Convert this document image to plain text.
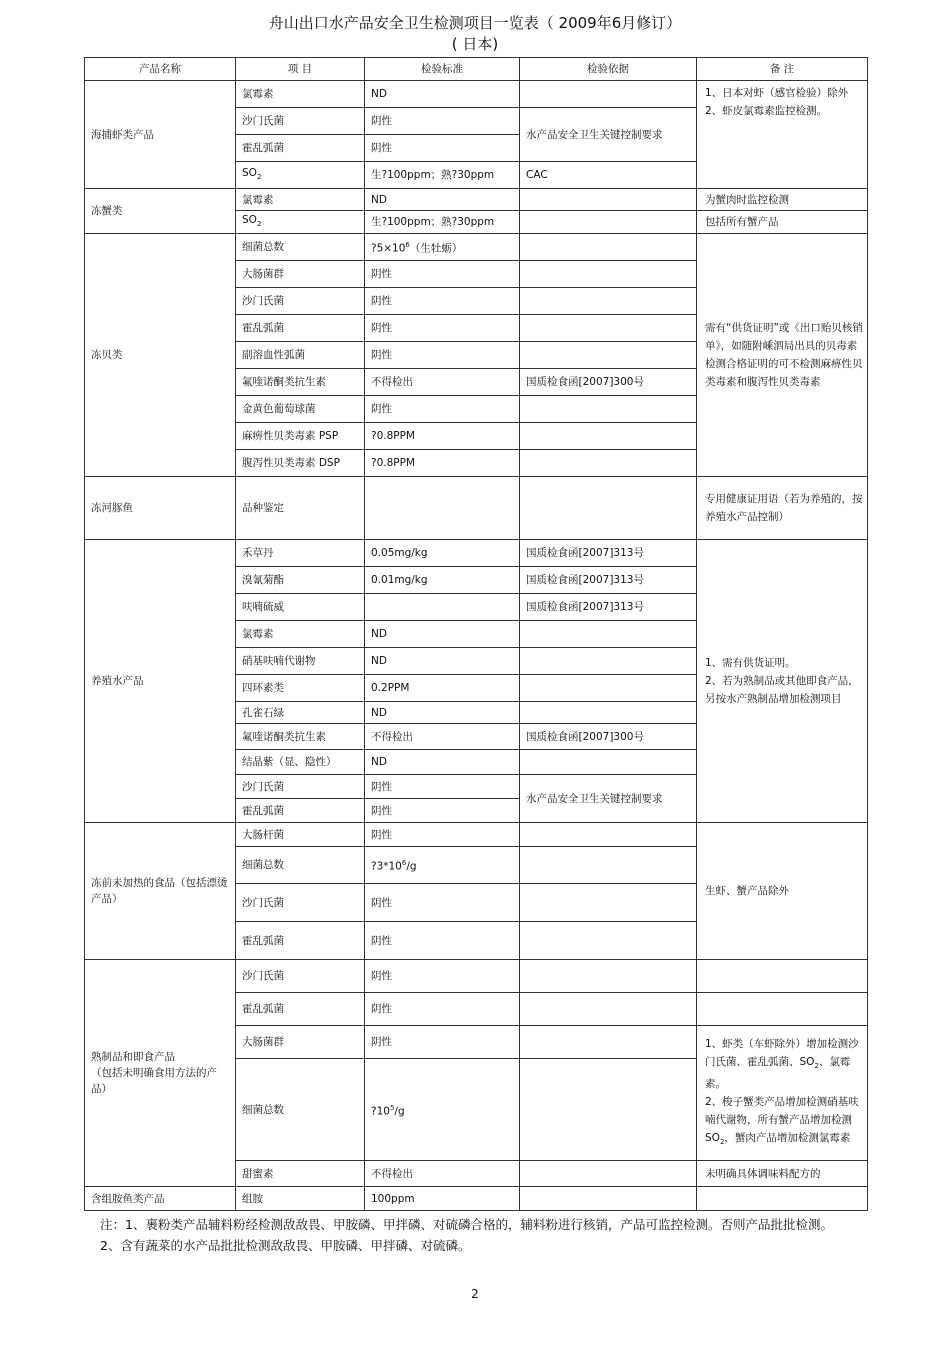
舟山出口水产品安全卫生检测项目一览表（ 2009年6月修订）
( 日本)
产品名称	项 目	检验标准	检验依据	备 注
海捕虾类产品	氯霉素	ND		1、日本对虾（感官检验）除外
2、虾皮氯霉素监控检测。

	沙门氏菌	阴性	水产品安全卫生关键控制要求	
	霍乱弧菌	阴性		
	$SO_2$	生?100ppm；熟?30ppm	CAC	
冻蟹类	氯霉素	ND		为蟹肉时监控检测
	$SO_2$	生?100ppm；熟?30ppm		包括所有蟹产品
冻贝类	细菌总数	$?5\times 10^6$（生牡蛎）		需有“供货证明”或《出口贻贝核销单》，如随附嵊泗局出具的贝毒素检测合格证明的可不检测麻痹性贝类毒素和腹泻性贝类毒素
	大肠菌群	阴性		
	沙门氏菌	阴性		
	霍乱弧菌	阴性		
	副溶血性弧菌	阴性		
	氟喹诺酮类抗生素	不得检出	国质检食函[2007]300号	
	金黄色葡萄球菌	阴性		
	麻痹性贝类毒素 PSP	?0.8PPM		
	腹泻性贝类毒素 DSP	?0.8PPM		
冻河豚鱼	品种鉴定			专用健康证用语（若为养殖的，按养殖水产品控制）
养殖水产品	禾草丹	0.05mg/kg	国质检食函[2007]313号	1、需有供货证明。
2、若为熟制品或其他即食产品，另按水产熟制品增加检测项目

	溴氰菊酯	0.01mg/kg	国质检食函[2007]313号	
	呋喃硫威		国质检食函[2007]313号	
	氯霉素	ND		
	硝基呋喃代谢物	ND		
	四环素类	0.2PPM		
	孔雀石绿	ND		
	氟喹诺酮类抗生素	不得检出	国质检食函[2007]300号	
	结晶紫（显、隐性）	ND		
	沙门氏菌	阴性	水产品安全卫生关键控制要求	
	霍乱弧菌	阴性		
冻前未加热的食品（包括漂烫产品）	大肠杆菌	阴性		生虾、蟹产品除外
	细菌总数	$?3*10^6/g$		
	沙门氏菌	阴性		
	霍乱弧菌	阴性		

熟制品和即食产品
（包括未明确食用方法的产品）	沙门氏菌	阴性		
	霍乱弧菌	阴性		
	大肠菌群	阴性		1、虾类（车虾除外）增加检测沙门氏菌、霍乱弧菌、$SO_2$、氯霉素。
2、梭子蟹类产品增加检测硝基呋喃代谢物，所有蟹产品增加检测$SO_2$，蟹肉产品增加检测氯霉素

	细菌总数	$?10^5/g$		
	甜蜜素	不得检出		未明确具体调味料配方的
含组胺鱼类产品	组胺	100ppm		
注：1、裹粉类产品辅料粉经检测敌敌畏、甲胺磷、甲拌磷、对硫磷合格的，辅料粉进行核销，产品可监控检测。否则产品批批检测。2、含有蔬菜的水产品批批检测敌敌畏、甲胺磷、甲拌磷、对硫磷。
2
